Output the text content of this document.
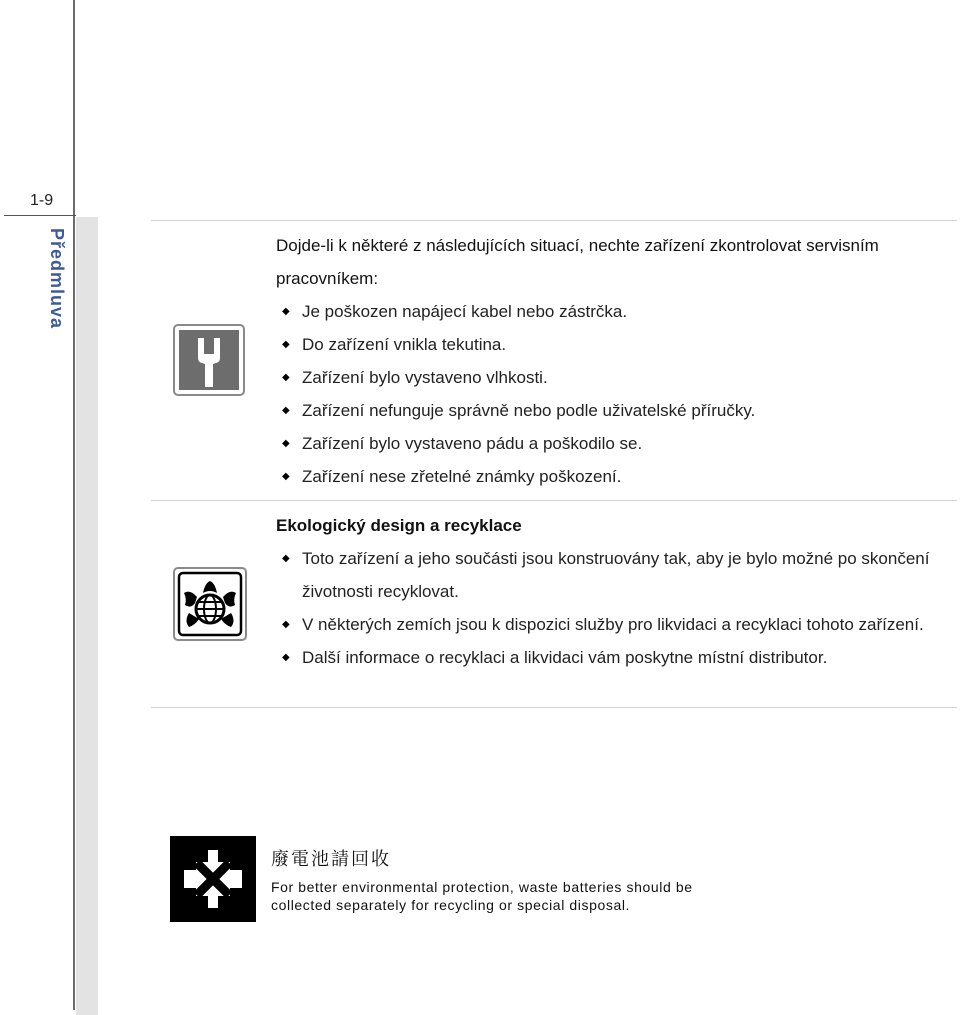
1-9
Předmluva	Dojde-li k některé z následujících situací, nechte zařízení zkontrolovat servisním pracovníkem:
◆ Je poškozen napájecí kabel nebo zástrčka.
◆ Do zařízení vnikla tekutina.
◆ Zařízení bylo vystaveno vlhkosti.
◆ Zařízení nefunguje správně nebo podle uživatelské příručky.
◆ Zařízení bylo vystaveno pádu a poškodilo se.
◆ Zařízení nese zřetelné známky poškození.
Ekologický design a recyklace
◆ Toto zařízení a jeho součásti jsou konstruovány tak, aby je bylo možné po skončení životnosti recyklovat.
◆ V některých zemích jsou k dispozici služby pro likvidaci a recyklaci tohoto zařízení.
◆ Další informace o recyklaci a likvidaci vám poskytne místní distributor.
廢電池請回收
For better environmental protection, waste batteries should be
collected separately for recycling or special disposal.
